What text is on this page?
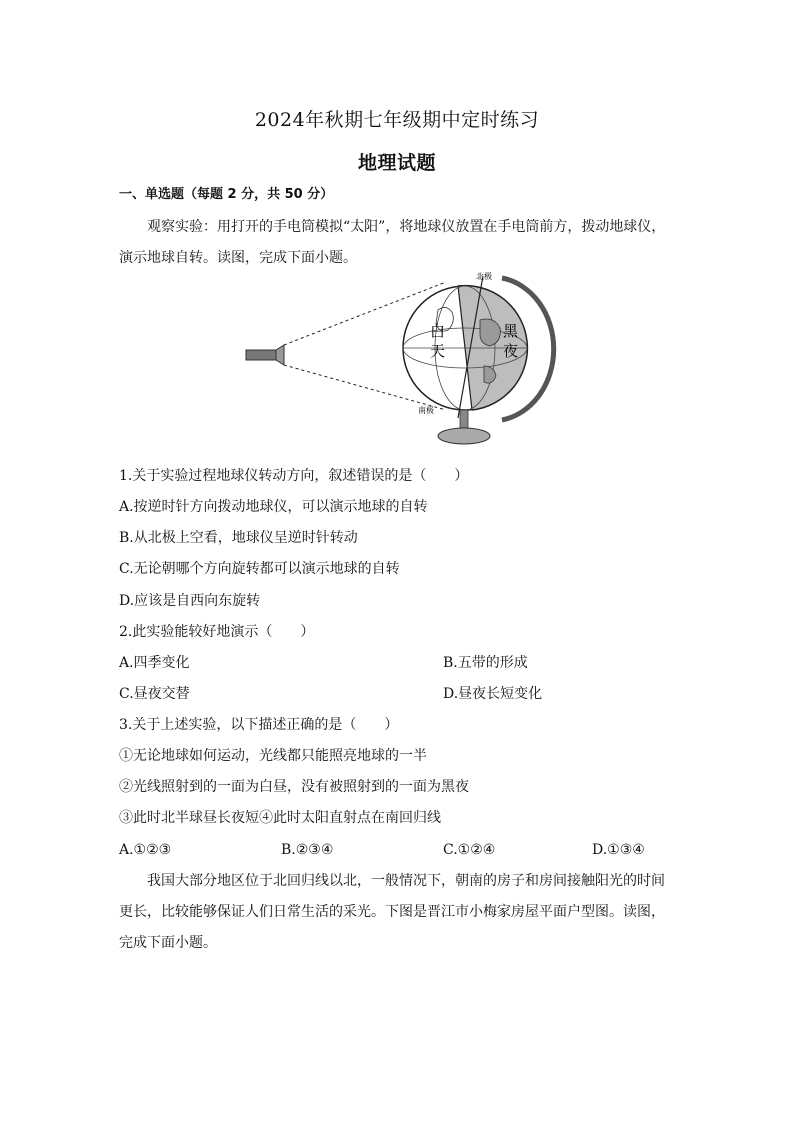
2024年秋期七年级期中定时练习
地理试题
一、单选题（每题 2 分，共 50 分）
观察实验：用打开的手电筒模拟“太阳”，将地球仪放置在手电筒前方，拨动地球仪，
演示地球自转。读图，完成下面小题。
北极
南极
白
天
黑
夜
1.关于实验过程地球仪转动方向，叙述错误的是（　　）
A.按逆时针方向拨动地球仪，可以演示地球的自转
B.从北极上空看，地球仪呈逆时针转动
C.无论朝哪个方向旋转都可以演示地球的自转
D.应该是自西向东旋转
2.此实验能较好地演示（　　）
A.四季变化	B.五带的形成
C.昼夜交替	D.昼夜长短变化
3.关于上述实验，以下描述正确的是（　　）
①无论地球如何运动，光线都只能照亮地球的一半
②光线照射到的一面为白昼，没有被照射到的一面为黑夜
③此时北半球昼长夜短④此时太阳直射点在南回归线
A.①②③	B.②③④	C.①②④	D.①③④
我国大部分地区位于北回归线以北，一般情况下，朝南的房子和房间接触阳光的时间
更长，比较能够保证人们日常生活的采光。下图是晋江市小梅家房屋平面户型图。读图，
完成下面小题。
